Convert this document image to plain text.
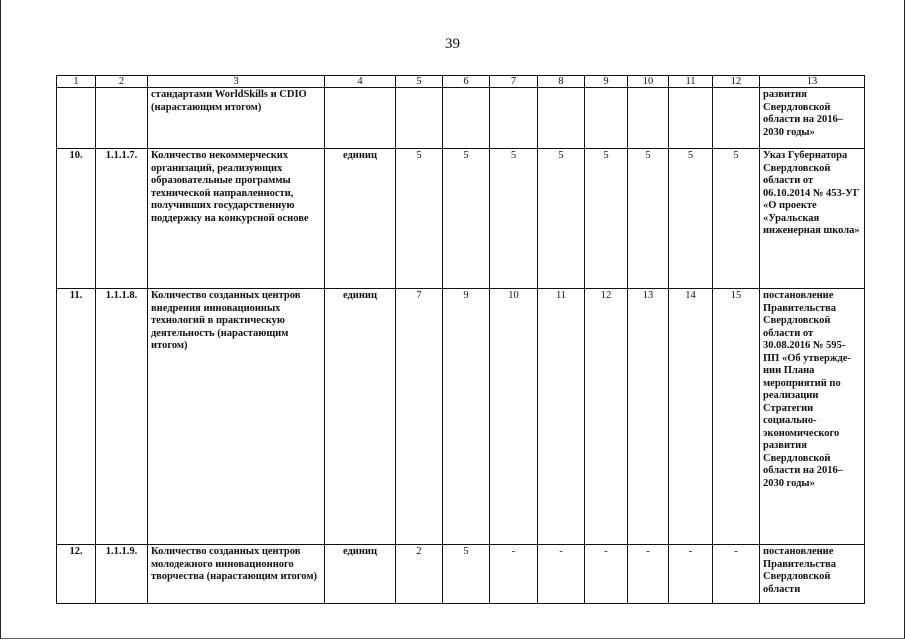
39
1	2	3	4	5	6	7	8	9	10	11	12	13
		стандартами WorldSkills и CDIO (нарастающим итогом)										развития Свердловской области на 2016–2030 годы»
10.	1.1.1.7.	Количество некоммерческих организаций, реализующих образовательные программы технической направленности, получивших государственную поддержку на конкурсной основе	единиц	5	5	5	5	5	5	5	5	Указ Губернатора Свердловской области от 06.10.2014 № 453-УГ «О проекте «Уральская инженерная школа»
11.	1.1.1.8.	Количество созданных центров внедрения инновационных технологий в практическую деятельность (нарастающим итогом)	единиц	7	9	10	11	12	13	14	15	постановление Правительства Свердловской области от 30.08.2016 № 595-ПП «Об утвержде-нии Плана мероприятий по реализации Стратегии социально-экономического развития Свердловской области на 2016–2030 годы»
12.	1.1.1.9.	Количество созданных центров молодежного инновационного творчества (нарастающим итогом)	единиц	2	5	-	-	-	-	-	-	постановление Правительства Свердловской области
